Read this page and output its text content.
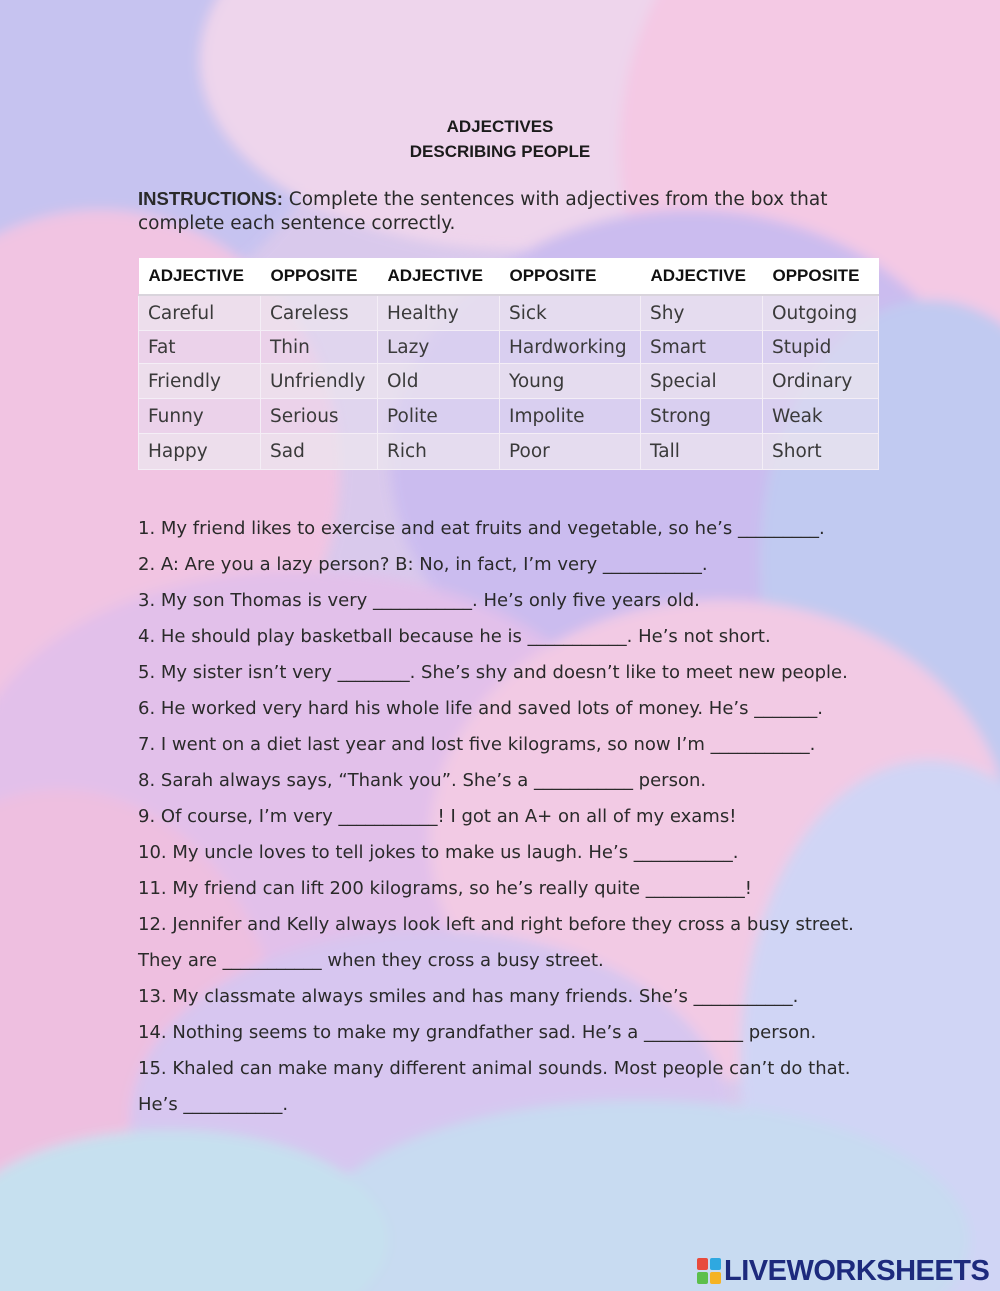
ADJECTIVES
DESCRIBING PEOPLE
INSTRUCTIONS: Complete the sentences with adjectives from the box that complete each sentence correctly.
ADJECTIVE	OPPOSITE	ADJECTIVE	OPPOSITE	ADJECTIVE	OPPOSITE
Careful	Careless	Healthy	Sick	Shy	Outgoing
Fat	Thin	Lazy	Hardworking	Smart	Stupid
Friendly	Unfriendly	Old	Young	Special	Ordinary
Funny	Serious	Polite	Impolite	Strong	Weak
Happy	Sad	Rich	Poor	Tall	Short
1. My friend likes to exercise and eat fruits and vegetable, so he’s _________.
2. A: Are you a lazy person? B: No, in fact, I’m very ___________.
3. My son Thomas is very ___________. He’s only five years old.
4. He should play basketball because he is ___________. He’s not short.
5. My sister isn’t very ________. She’s shy and doesn’t like to meet new people.
6. He worked very hard his whole life and saved lots of money. He’s _______.
7. I went on a diet last year and lost five kilograms, so now I’m ___________.
8. Sarah always says, “Thank you”. She’s a ___________ person.
9. Of course, I’m very ___________! I got an A+ on all of my exams!
10. My uncle loves to tell jokes to make us laugh. He’s ___________.
11. My friend can lift 200 kilograms, so he’s really quite ___________!
12. Jennifer and Kelly always look left and right before they cross a busy street. They are ___________ when they cross a busy street.
13. My classmate always smiles and has many friends. She’s ___________.
14. Nothing seems to make my grandfather sad. He’s a ___________ person.
15. Khaled can make many different animal sounds. Most people can’t do that. He’s ___________.
LIVEWORKSHEETS
